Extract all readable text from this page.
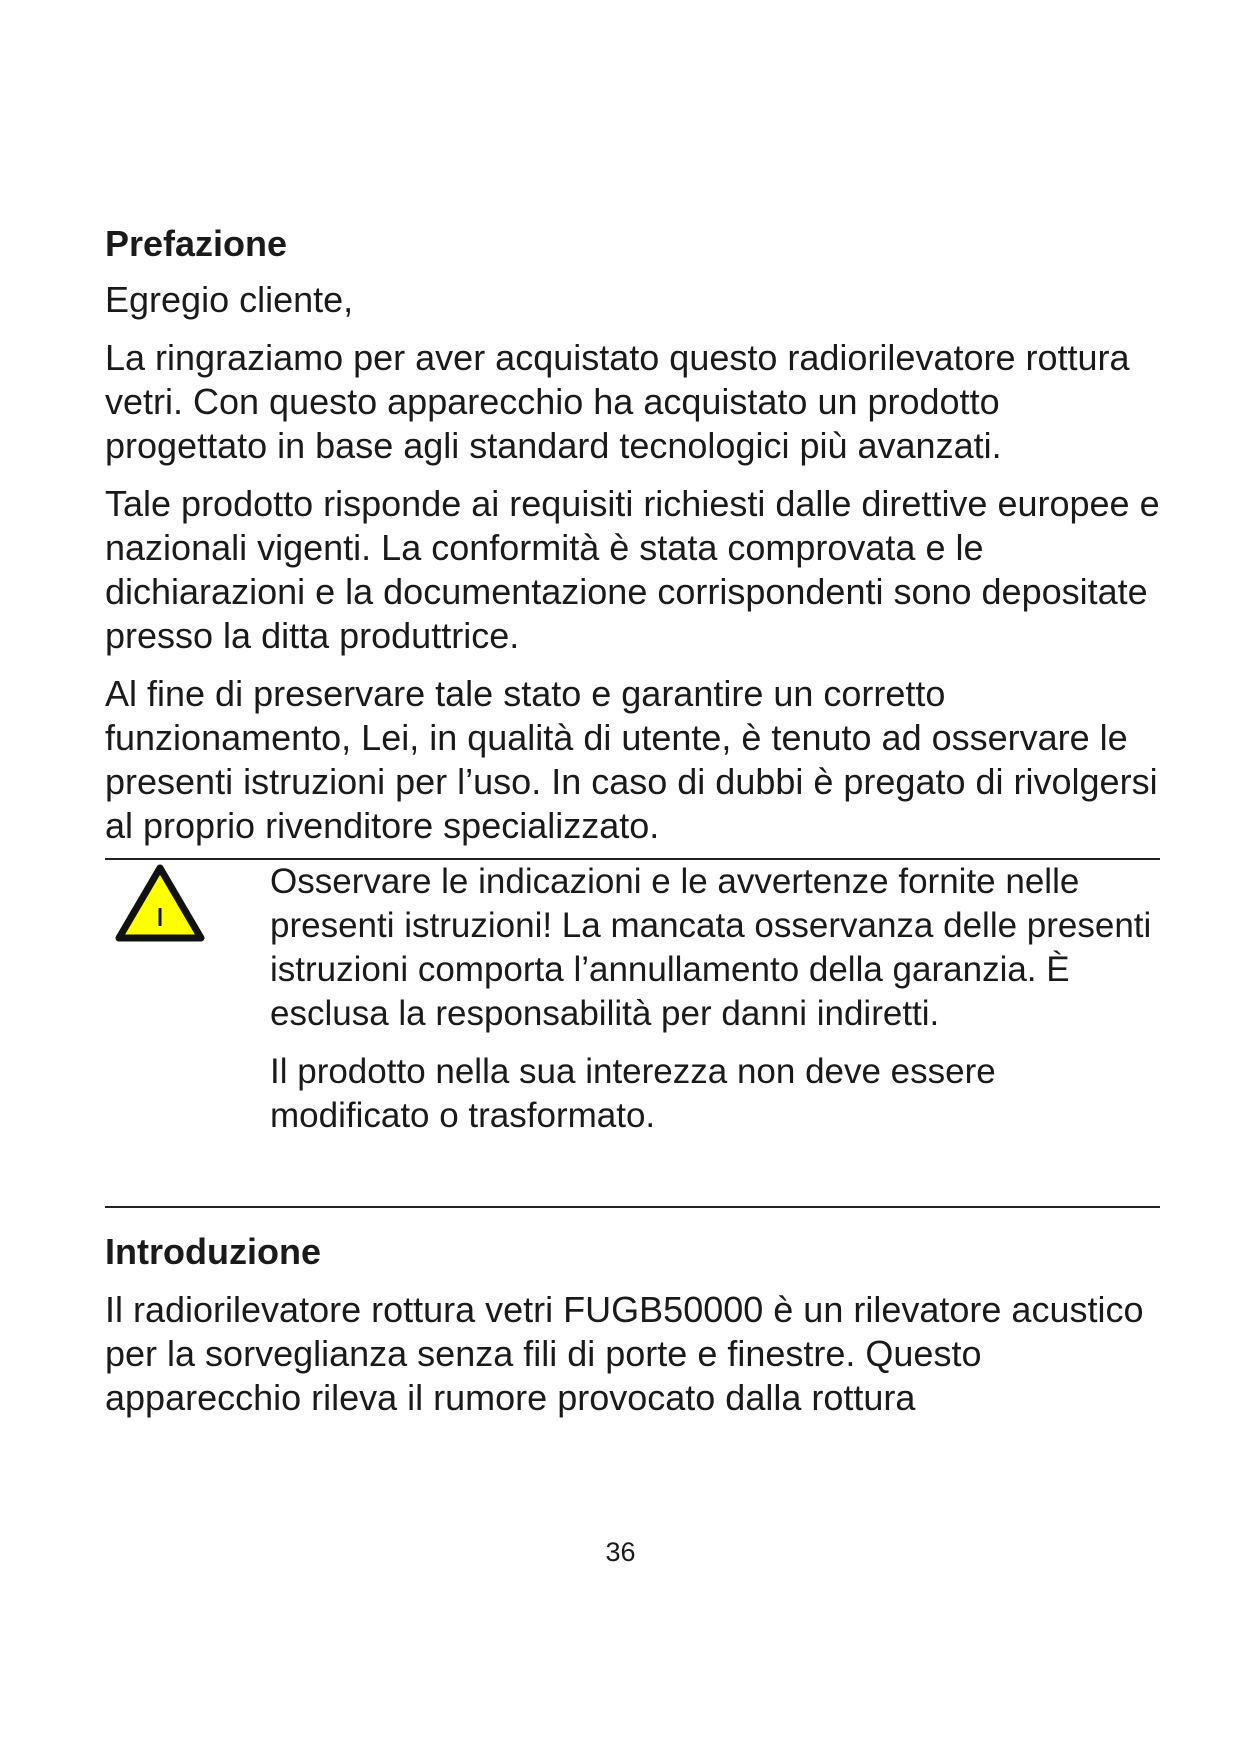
Prefazione

Egregio cliente,

La ringraziamo per aver acquistato questo radiorilevatore rottura vetri. Con questo apparecchio ha acquistato un prodotto progettato in base agli standard tecnologici più avanzati.

Tale prodotto risponde ai requisiti richiesti dalle direttive europee e nazionali vigenti. La conformità è stata comprovata e le dichiarazioni e la documentazione corrispondenti sono depositate presso la ditta produttrice.

Al fine di preservare tale stato e garantire un corretto funzionamento, Lei, in qualità di utente, è tenuto ad osservare le presenti istruzioni per l’uso. In caso di dubbi è pregato di rivolgersi al proprio rivenditore specializzato.

Osservare le indicazioni e le avvertenze fornite nelle presenti istruzioni! La mancata osservanza delle presenti istruzioni comporta l’annullamento della garanzia. È esclusa la responsabilità per danni indiretti.

Il prodotto nella sua interezza non deve essere modificato o trasformato.

Introduzione

Il radiorilevatore rottura vetri FUGB50000 è un rilevatore acustico per la sorveglianza senza fili di porte e finestre. Questo apparecchio rileva il rumore provocato dalla rottura

36
